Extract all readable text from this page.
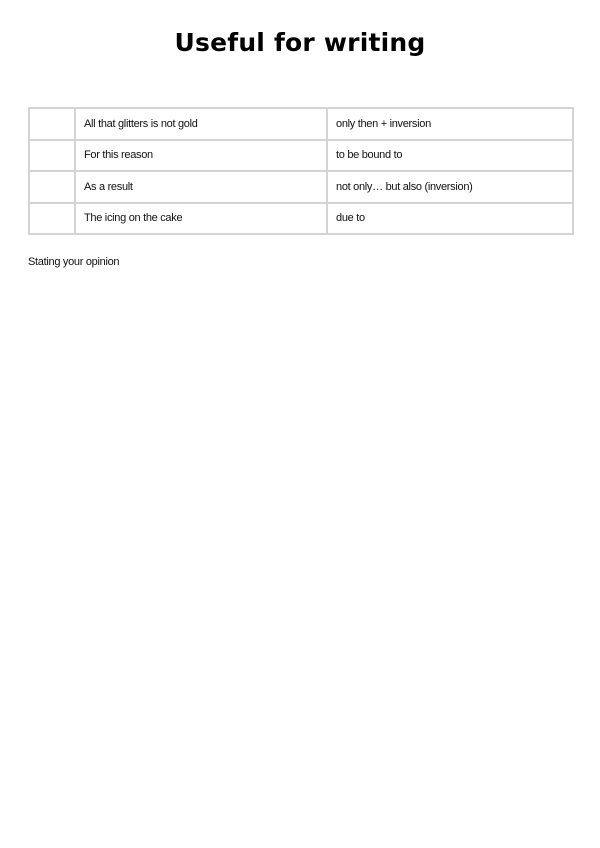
Useful for writing
	All that glitters is not gold	only then + inversion
	For this reason	to be bound to
	As a result	not only… but also (inversion)
	The icing on the cake	due to

Stating your opinion
